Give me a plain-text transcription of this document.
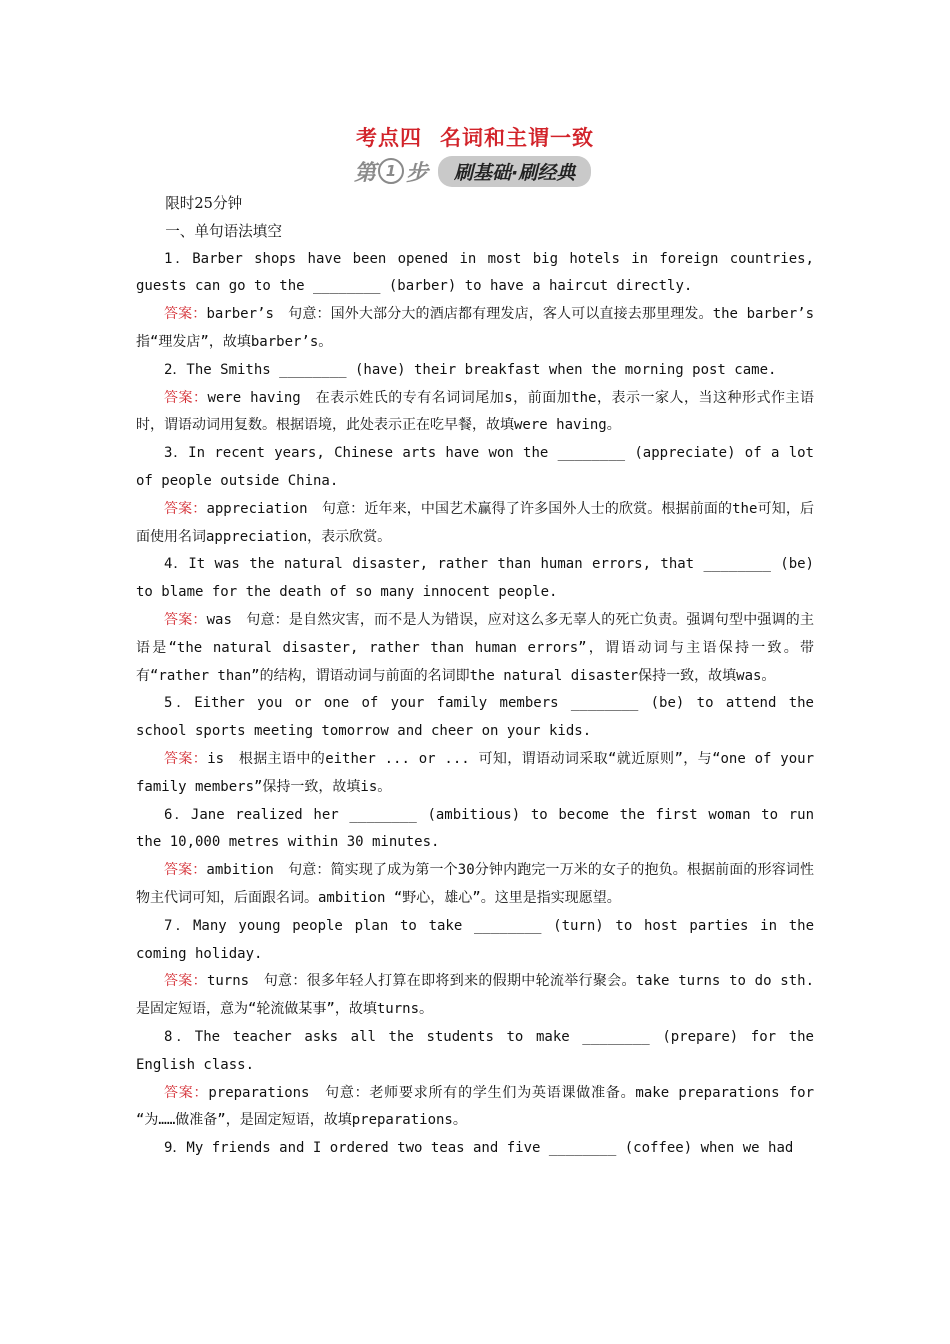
考点四 名词和主谓一致
第 1 步	刷基础·刷经典

限时25分钟

一、单句语法填空

1．Barber shops have been opened in most big hotels in foreign countries, guests can go to the ________ (barber) to have a haircut directly.

答案：barber’s　句意：国外大部分大的酒店都有理发店，客人可以直接去那里理发。the barber’s 指“理发店”，故填barber’s。

2．The Smiths ________ (have) their breakfast when the morning post came.

答案：were having　在表示姓氏的专有名词词尾加s，前面加the，表示一家人，当这种形式作主语时，谓语动词用复数。根据语境，此处表示正在吃早餐，故填were having。

3．In recent years, Chinese arts have won the ________ (appreciate) of a lot of people outside China.

答案：appreciation　句意：近年来，中国艺术赢得了许多国外人士的欣赏。根据前面的the可知，后面使用名词appreciation，表示欣赏。

4．It was the natural disaster, rather than human errors, that ________ (be) to blame for the death of so many innocent people.

答案：was　句意：是自然灾害，而不是人为错误，应对这么多无辜人的死亡负责。强调句型中强调的主语是“the natural disaster, rather than human errors”，谓语动词与主语保持一致。带有“rather than”的结构，谓语动词与前面的名词即the natural disaster保持一致，故填was。

5．Either you or one of your family members ________ (be) to attend the school sports meeting tomorrow and cheer on your kids.

答案：is　根据主语中的either ... or ... 可知，谓语动词采取“就近原则”，与“one of your family members”保持一致，故填is。

6．Jane realized her ________ (ambitious) to become the first woman to run the 10,000 metres within 30 minutes.

答案：ambition　句意：简实现了成为第一个30分钟内跑完一万米的女子的抱负。根据前面的形容词性物主代词可知，后面跟名词。ambition “野心，雄心”。这里是指实现愿望。

7．Many young people plan to take ________ (turn) to host parties in the coming holiday.

答案：turns　句意：很多年轻人打算在即将到来的假期中轮流举行聚会。take turns to do sth.是固定短语，意为“轮流做某事”，故填turns。

8．The teacher asks all the students to make ________ (prepare) for the English class.

答案：preparations　句意：老师要求所有的学生们为英语课做准备。make preparations for “为……做准备”，是固定短语，故填preparations。

9．My friends and I ordered two teas and five ________ (coffee) when we had
